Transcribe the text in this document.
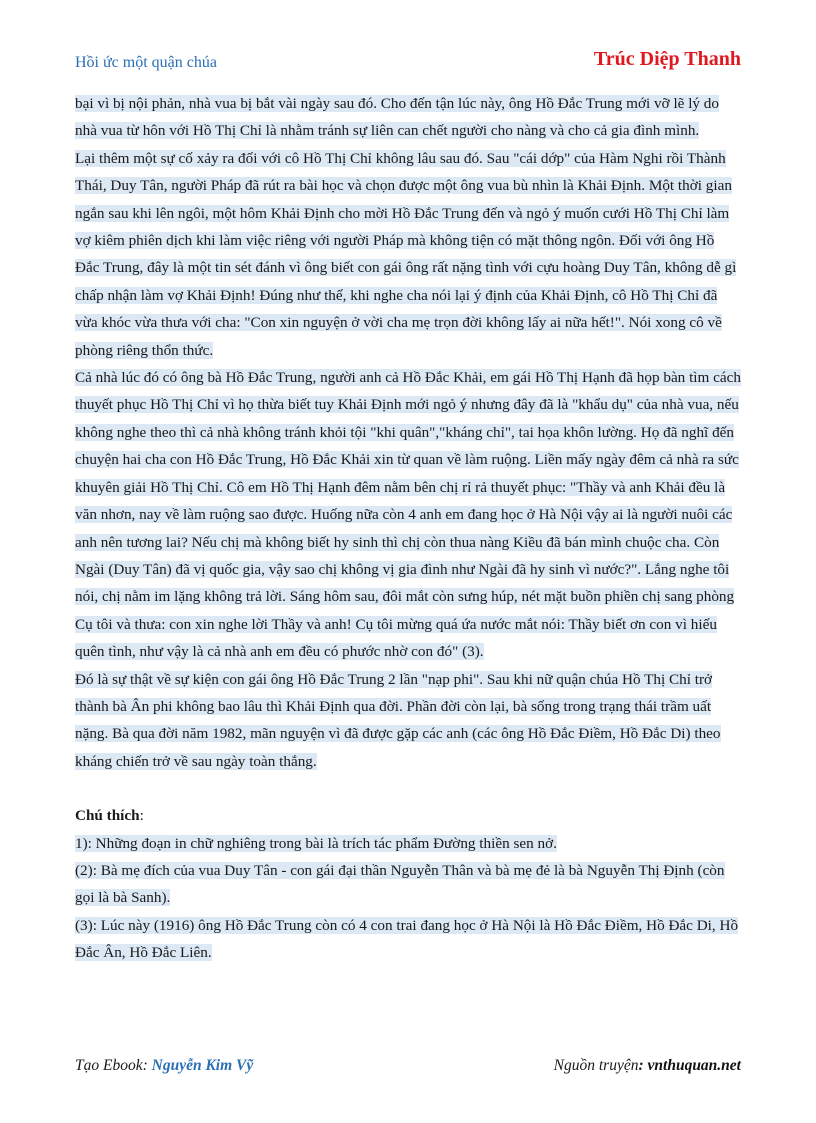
Hồi ức một quận chúa	Trúc Diệp Thanh

bại vì bị nội phản, nhà vua bị bắt vài ngày sau đó. Cho đến tận lúc này, ông Hồ Đắc Trung mới vỡ lẽ lý do nhà vua từ hôn với Hồ Thị Chỉ là nhằm tránh sự liên can chết người cho nàng và cho cả gia đình mình.

Lại thêm một sự cố xảy ra đối với cô Hồ Thị Chỉ không lâu sau đó. Sau "cái dớp" của Hàm Nghi rồi Thành Thái, Duy Tân, người Pháp đã rút ra bài học và chọn được một ông vua bù nhìn là Khải Định. Một thời gian ngắn sau khi lên ngôi, một hôm Khải Định cho mời Hồ Đắc Trung đến và ngỏ ý muốn cưới Hồ Thị Chỉ làm vợ kiêm phiên dịch khi làm việc riêng với người Pháp mà không tiện có mặt thông ngôn. Đối với ông Hồ Đắc Trung, đây là một tin sét đánh vì ông biết con gái ông rất nặng tình với cựu hoàng Duy Tân, không dễ gì chấp nhận làm vợ Khải Định! Đúng như thế, khi nghe cha nói lại ý định của Khải Định, cô Hồ Thị Chỉ đã vừa khóc vừa thưa với cha: "Con xin nguyện ở vời cha mẹ trọn đời không lấy ai nữa hết!". Nói xong cô về phòng riêng thổn thức.

Cả nhà lúc đó có ông bà Hồ Đắc Trung, người anh cả Hồ Đắc Khải, em gái Hồ Thị Hạnh đã họp bàn tìm cách thuyết phục Hồ Thị Chỉ vì họ thừa biết tuy Khải Định mới ngỏ ý nhưng đây đã là "khẩu dụ" của nhà vua, nếu không nghe theo thì cả nhà không tránh khỏi tội "khi quân","kháng chỉ", tai họa khôn lường. Họ đã nghĩ đến chuyện hai cha con Hồ Đắc Trung, Hồ Đắc Khải xin từ quan về làm ruộng. Liền mấy ngày đêm cả nhà ra sức khuyên giải Hồ Thị Chỉ. Cô em Hồ Thị Hạnh đêm nằm bên chị rỉ rả thuyết phục: "Thầy và anh Khải đều là văn nhơn, nay về làm ruộng sao được. Huống nữa còn 4 anh em đang học ở Hà Nội vậy ai là người nuôi các anh nên tương lai? Nếu chị mà không biết hy sinh thì chị còn thua nàng Kiều đã bán mình chuộc cha. Còn Ngài (Duy Tân) đã vị quốc gia, vậy sao chị không vị gia đình như Ngài đã hy sinh vì nước?". Lắng nghe tôi nói, chị nằm im lặng không trả lời. Sáng hôm sau, đôi mắt còn sưng húp, nét mặt buồn phiền chị sang phòng Cụ tôi và thưa: con xin nghe lời Thầy và anh! Cụ tôi mừng quá ứa nước mắt nói: Thầy biết ơn con vì hiếu quên tình, như vậy là cả nhà anh em đều có phước nhờ con đó" (3).

Đó là sự thật về sự kiện con gái ông Hồ Đắc Trung 2 lần "nạp phi". Sau khi nữ quận chúa Hồ Thị Chỉ trở thành bà Ân phi không bao lâu thì Khải Định qua đời. Phần đời còn lại, bà sống trong trạng thái trầm uất nặng. Bà qua đời năm 1982, mãn nguyện vì đã được gặp các anh (các ông Hồ Đắc Điềm, Hồ Đắc Di) theo kháng chiến trở về sau ngày toàn thắng.

Chú thích:

1): Những đoạn in chữ nghiêng trong bài là trích tác phẩm Đường thiền sen nở.

(2): Bà mẹ đích của vua Duy Tân - con gái đại thần Nguyễn Thân và bà mẹ đẻ là bà Nguyễn Thị Định (còn gọi là bà Sanh).

(3): Lúc này (1916) ông Hồ Đắc Trung còn có 4 con trai đang học ở Hà Nội là Hồ Đắc Điềm, Hồ Đắc Di, Hồ Đắc Ân, Hồ Đắc Liên.

Tạo Ebook: Nguyễn Kim Vỹ	Nguồn truyện: vnthuquan.net
